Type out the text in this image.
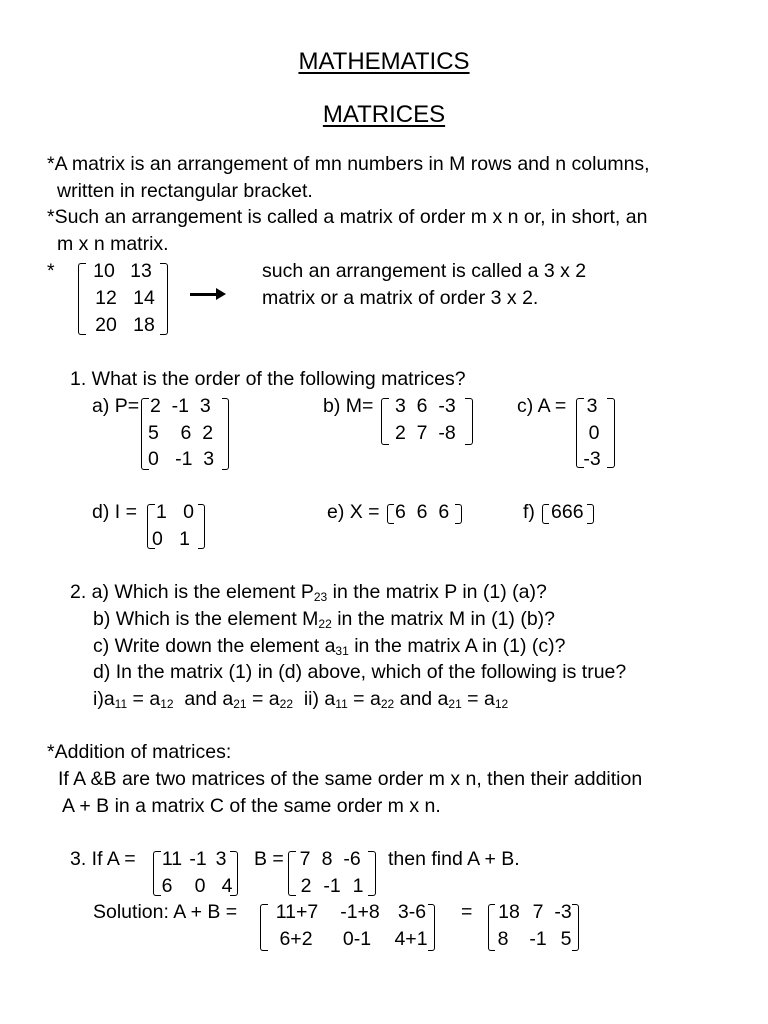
MATHEMATICS
MATRICES
*A matrix is an arrangement of mn numbers in M rows and n columns,
written in rectangular bracket.
*Such an arrangement is called a matrix of order m x n or, in short, an
m x n matrix.
* 10 13
12 14
20 18
such an arrangement is called a 3 x 2
matrix or a matrix of order 3 x 2.
1. What is the order of the following matrices?
a) P= 2  -1  3
5    6  2
0   -1  3
b) M= 3  6  -3
2  7  -8
c) A = 3
0
-3
d) I = 1   0
0   1
e) X = 6  6  6	f) 666
2. a) Which is the element $P_{23}$ in the matrix P in (1) (a)?
b) Which is the element $M_{22}$ in the matrix M in (1) (b)?
c) Write down the element $a_{31}$ in the matrix A in (1) (c)?
d) In the matrix (1) in (d) above, which of the following is true?
$i)a_{11} = a_{12}$  and $a_{21} = a_{22}$  ii) $a_{11} = a_{22}$ and $a_{21} = a_{12}$
*Addition of matrices:
If A &B are two matrices of the same order m x n, then their addition
A + B in a matrix C of the same order m x n.
3. If A = 11 -1 3
6 0 4
B = 7 8 -6
2 -1 1
then find A + B.
Solution: A + B = 11+7 -1+8 3-6
6+2 0-1 4+1
= 18 7 -3
8 -1 5
